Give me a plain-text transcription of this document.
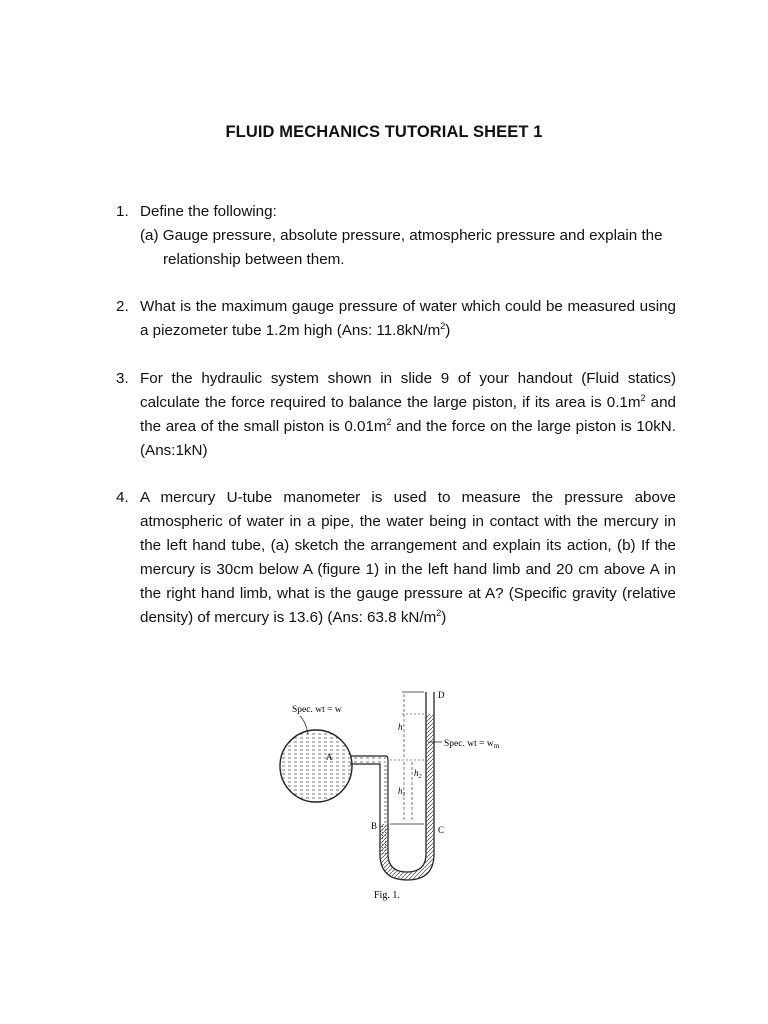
FLUID MECHANICS TUTORIAL SHEET 1
1. Define the following:
(a) Gauge pressure, absolute pressure, atmospheric pressure and explain the relationship between them.
2. What is the maximum gauge pressure of water which could be measured using a piezometer tube 1.2m high (Ans: $11.8kN/m^2$)
3. For the hydraulic system shown in slide 9 of your handout (Fluid statics) calculate the force required to balance the large piston, if its area is $0.1m^2$ and the area of the small piston is $0.01m^2$ and the force on the large piston is 10kN. (Ans:1kN)
4. A mercury U-tube manometer is used to measure the pressure above atmospheric of water in a pipe, the water being in contact with the mercury in the left hand tube, (a) sketch the arrangement and explain its action, (b) If the mercury is 30cm below A (figure 1) in the left hand limb and 20 cm above A in the right hand limb, what is the gauge pressure at A? (Specific gravity (relative density) of mercury is 13.6) (Ans: 63.8 $kN/m^2$)
Spec. wt = w
Spec. wt = $w_m$
A
B	C
D
h
$h_1$
$h_2$
Fig. 1.
